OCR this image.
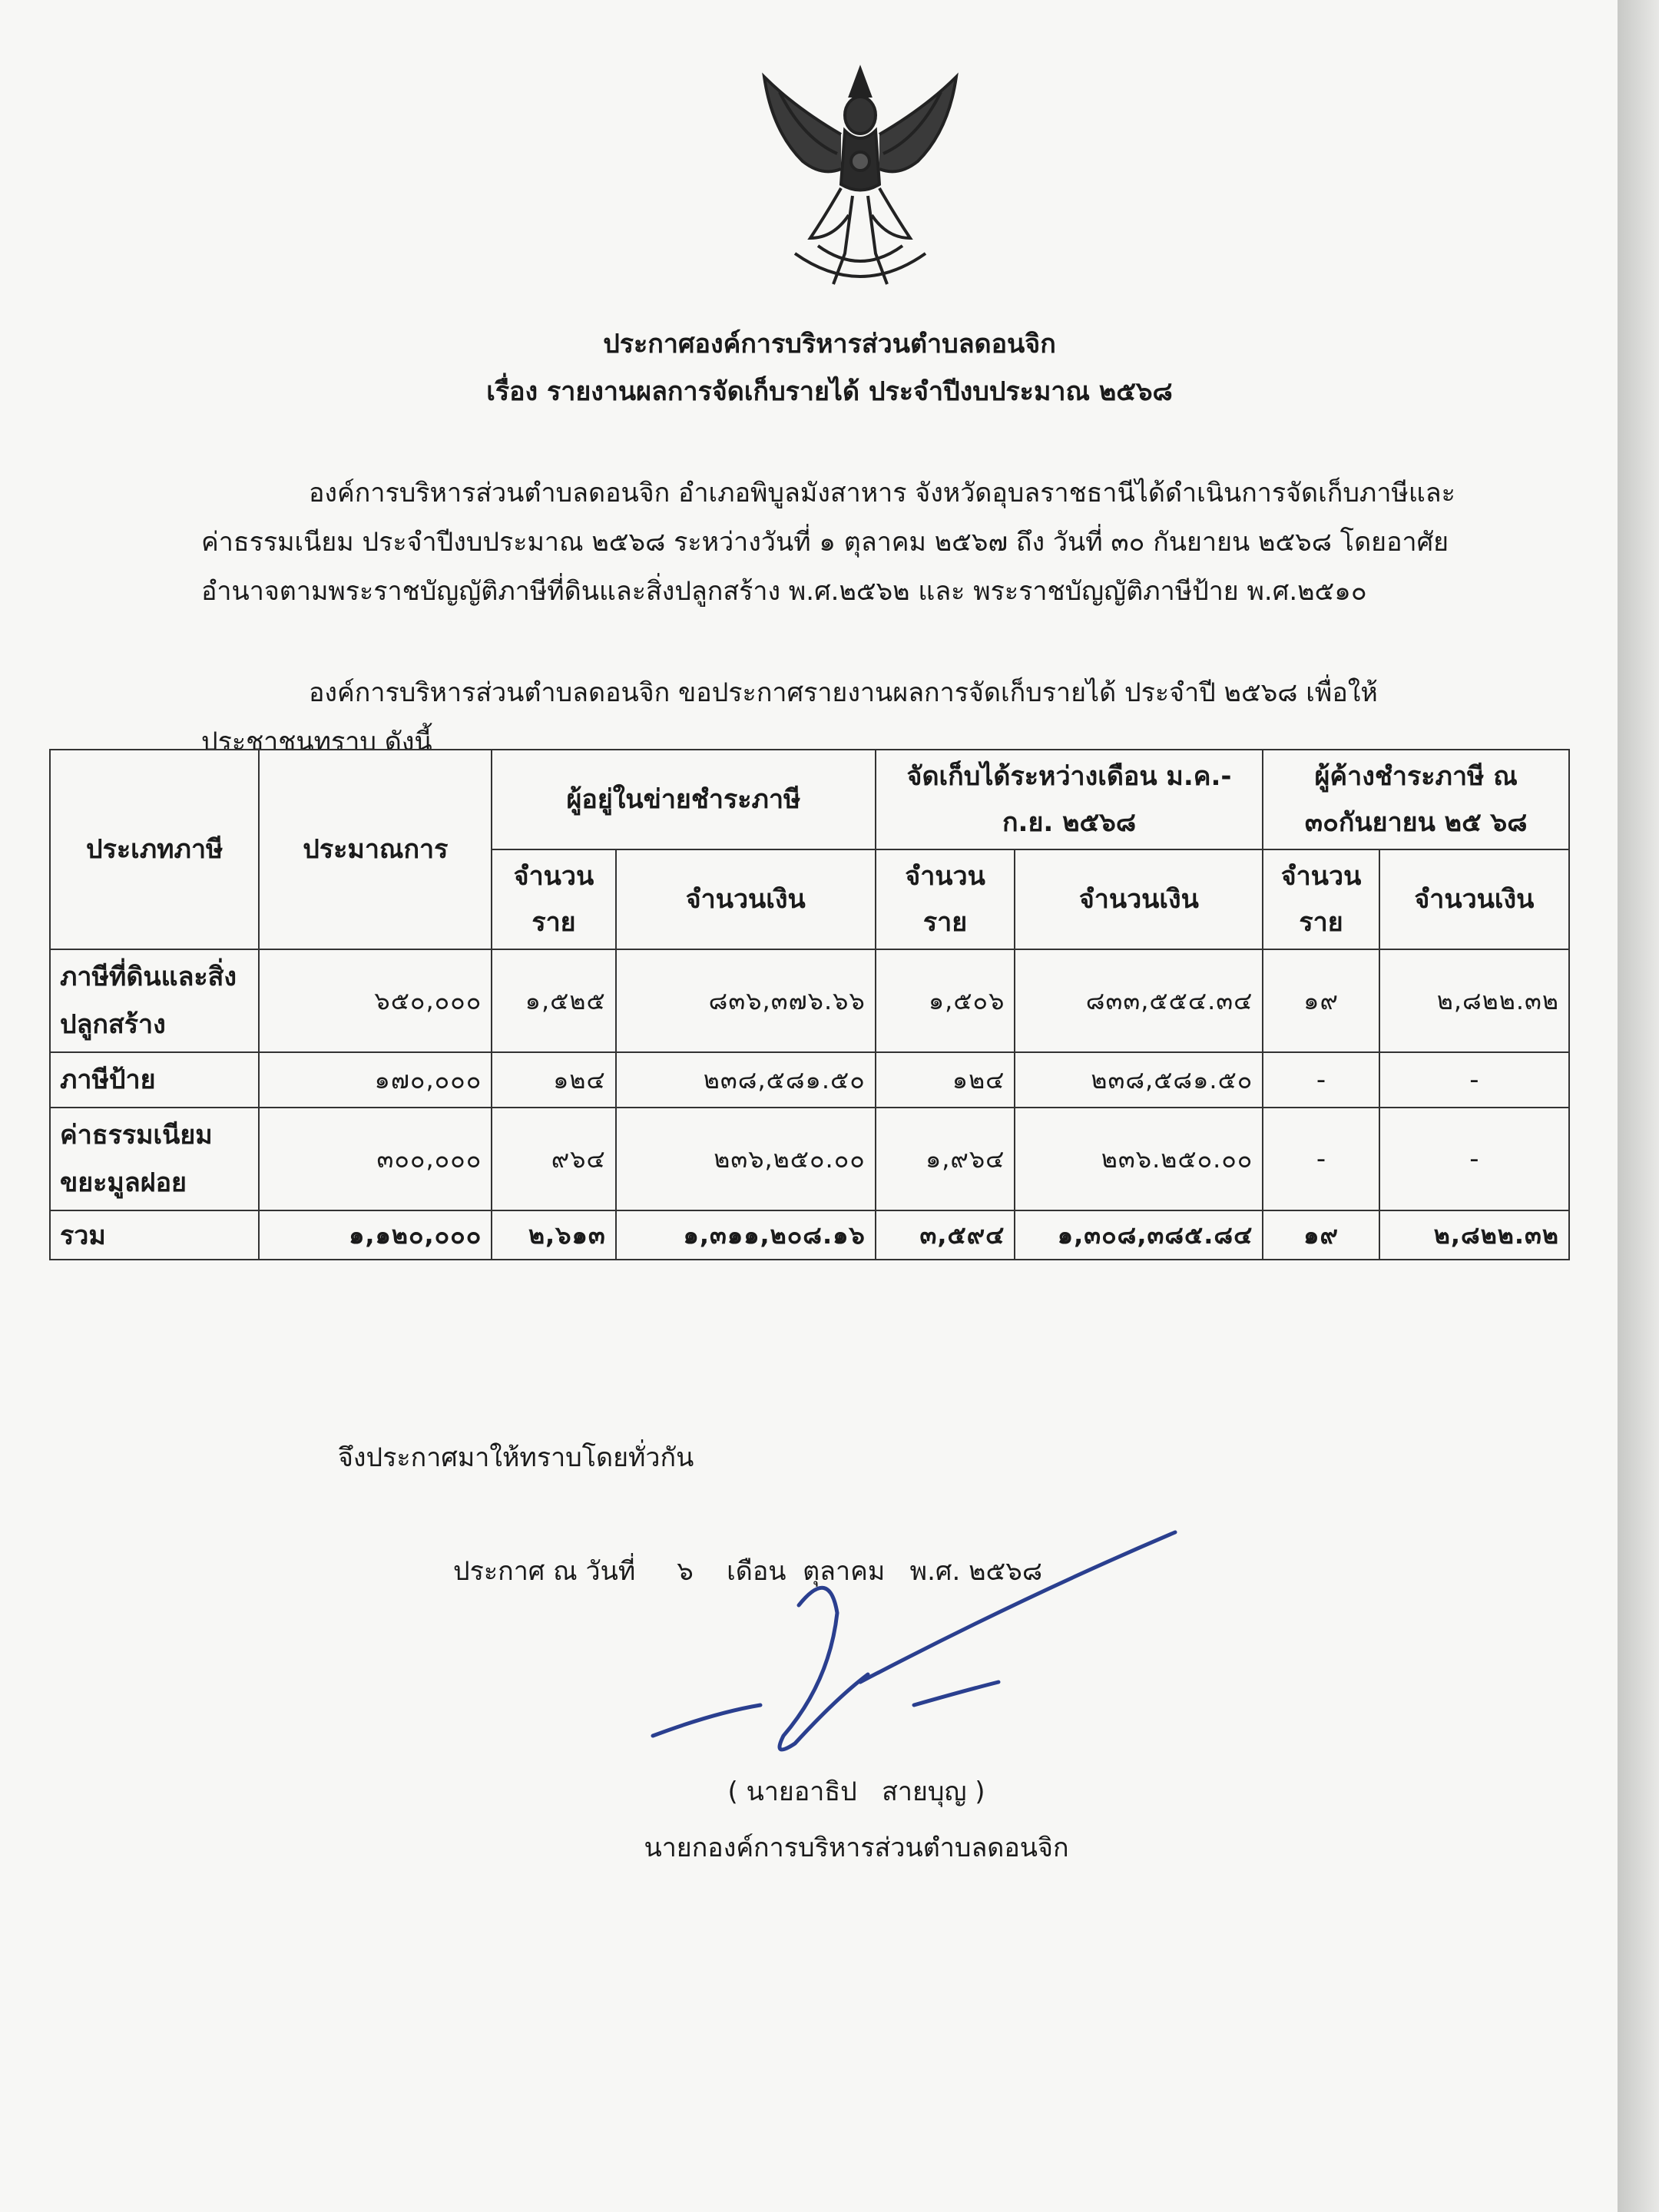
ประกาศองค์การบริหารส่วนตำบลดอนจิก
เรื่อง รายงานผลการจัดเก็บรายได้ ประจำปีงบประมาณ ๒๕๖๘
องค์การบริหารส่วนตำบลดอนจิก อำเภอพิบูลมังสาหาร จังหวัดอุบลราชธานีได้ดำเนินการจัดเก็บภาษีและค่าธรรมเนียม ประจำปีงบประมาณ ๒๕๖๘ ระหว่างวันที่ ๑ ตุลาคม ๒๕๖๗ ถึง วันที่ ๓๐ กันยายน ๒๕๖๘ โดยอาศัยอำนาจตามพระราชบัญญัติภาษีที่ดินและสิ่งปลูกสร้าง พ.ศ.๒๕๖๒ และ พระราชบัญญัติภาษีป้าย พ.ศ.๒๕๑๐
องค์การบริหารส่วนตำบลดอนจิก ขอประกาศรายงานผลการจัดเก็บรายได้ ประจำปี ๒๕๖๘ เพื่อให้ประชาชนทราบ ดังนี้
ประเภทภาษี	ประมาณการ	ผู้อยู่ในข่ายชำระภาษี		จัดเก็บได้ระหว่างเดือน ม.ค.-ก.ย. ๒๕๖๘		ผู้ค้างชำระภาษี ณ ๓๐กันยายน ๒๕ ๖๘	
		จำนวน ราย	จำนวนเงิน	จำนวน ราย	จำนวนเงิน	จำนวน ราย	จำนวนเงิน
ภาษีที่ดินและสิ่งปลูกสร้าง	๖๕๐,๐๐๐	๑,๕๒๕	๘๓๖,๓๗๖.๖๖	๑,๕๐๖	๘๓๓,๕๕๔.๓๔	๑๙	๒,๘๒๒.๓๒
ภาษีป้าย	๑๗๐,๐๐๐	๑๒๔	๒๓๘,๕๘๑.๕๐	๑๒๔	๒๓๘,๕๘๑.๕๐	-	-
ค่าธรรมเนียมขยะมูลฝอย	๓๐๐,๐๐๐	๙๖๔	๒๓๖,๒๕๐.๐๐	๑,๙๖๔	๒๓๖.๒๕๐.๐๐	-	-
รวม	๑,๑๒๐,๐๐๐	๒,๖๑๓	๑,๓๑๑,๒๐๘.๑๖	๓,๕๙๔	๑,๓๐๘,๓๘๕.๘๔	๑๙	๒,๘๒๒.๓๒
จึงประกาศมาให้ทราบโดยทั่วกัน
ประกาศ ณ วันที่     ๖    เดือน  ตุลาคม   พ.ศ. ๒๕๖๘
( นายอาธิป   สายบุญ )
นายกองค์การบริหารส่วนตำบลดอนจิก
